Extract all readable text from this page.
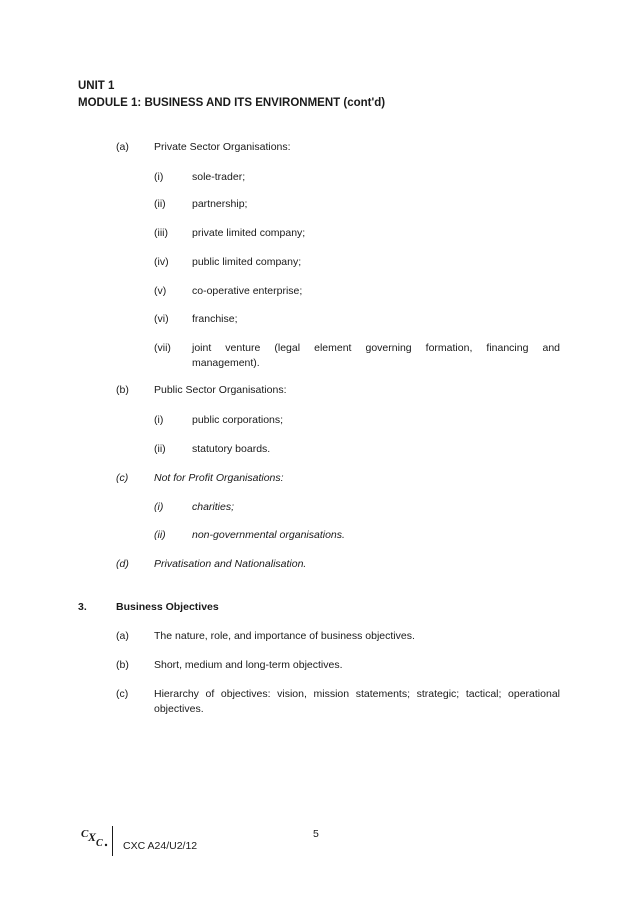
UNIT 1
MODULE 1: BUSINESS AND ITS ENVIRONMENT (cont'd)
(a) Private Sector Organisations:
(i)	sole-trader;
(ii)	partnership;
(iii) private limited company;
(iv) public limited company;
(v) co-operative enterprise;
(vi) franchise;
(vii) joint venture (legal element governing formation, financing and
management).
(b) Public Sector Organisations:
(i)	public corporations;
(ii)	statutory boards.
(c) Not for Profit Organisations:
(i)	charities;
(ii)	non-governmental organisations.
(d) Privatisation and Nationalisation.
3.	Business Objectives
(a) The nature, role, and importance of business objectives.
(b) Short, medium and long-term objectives.
(c) Hierarchy of objectives: vision, mission statements; strategic; tactical; operational
objectives.
C X C
5
CXC A24/U2/12
